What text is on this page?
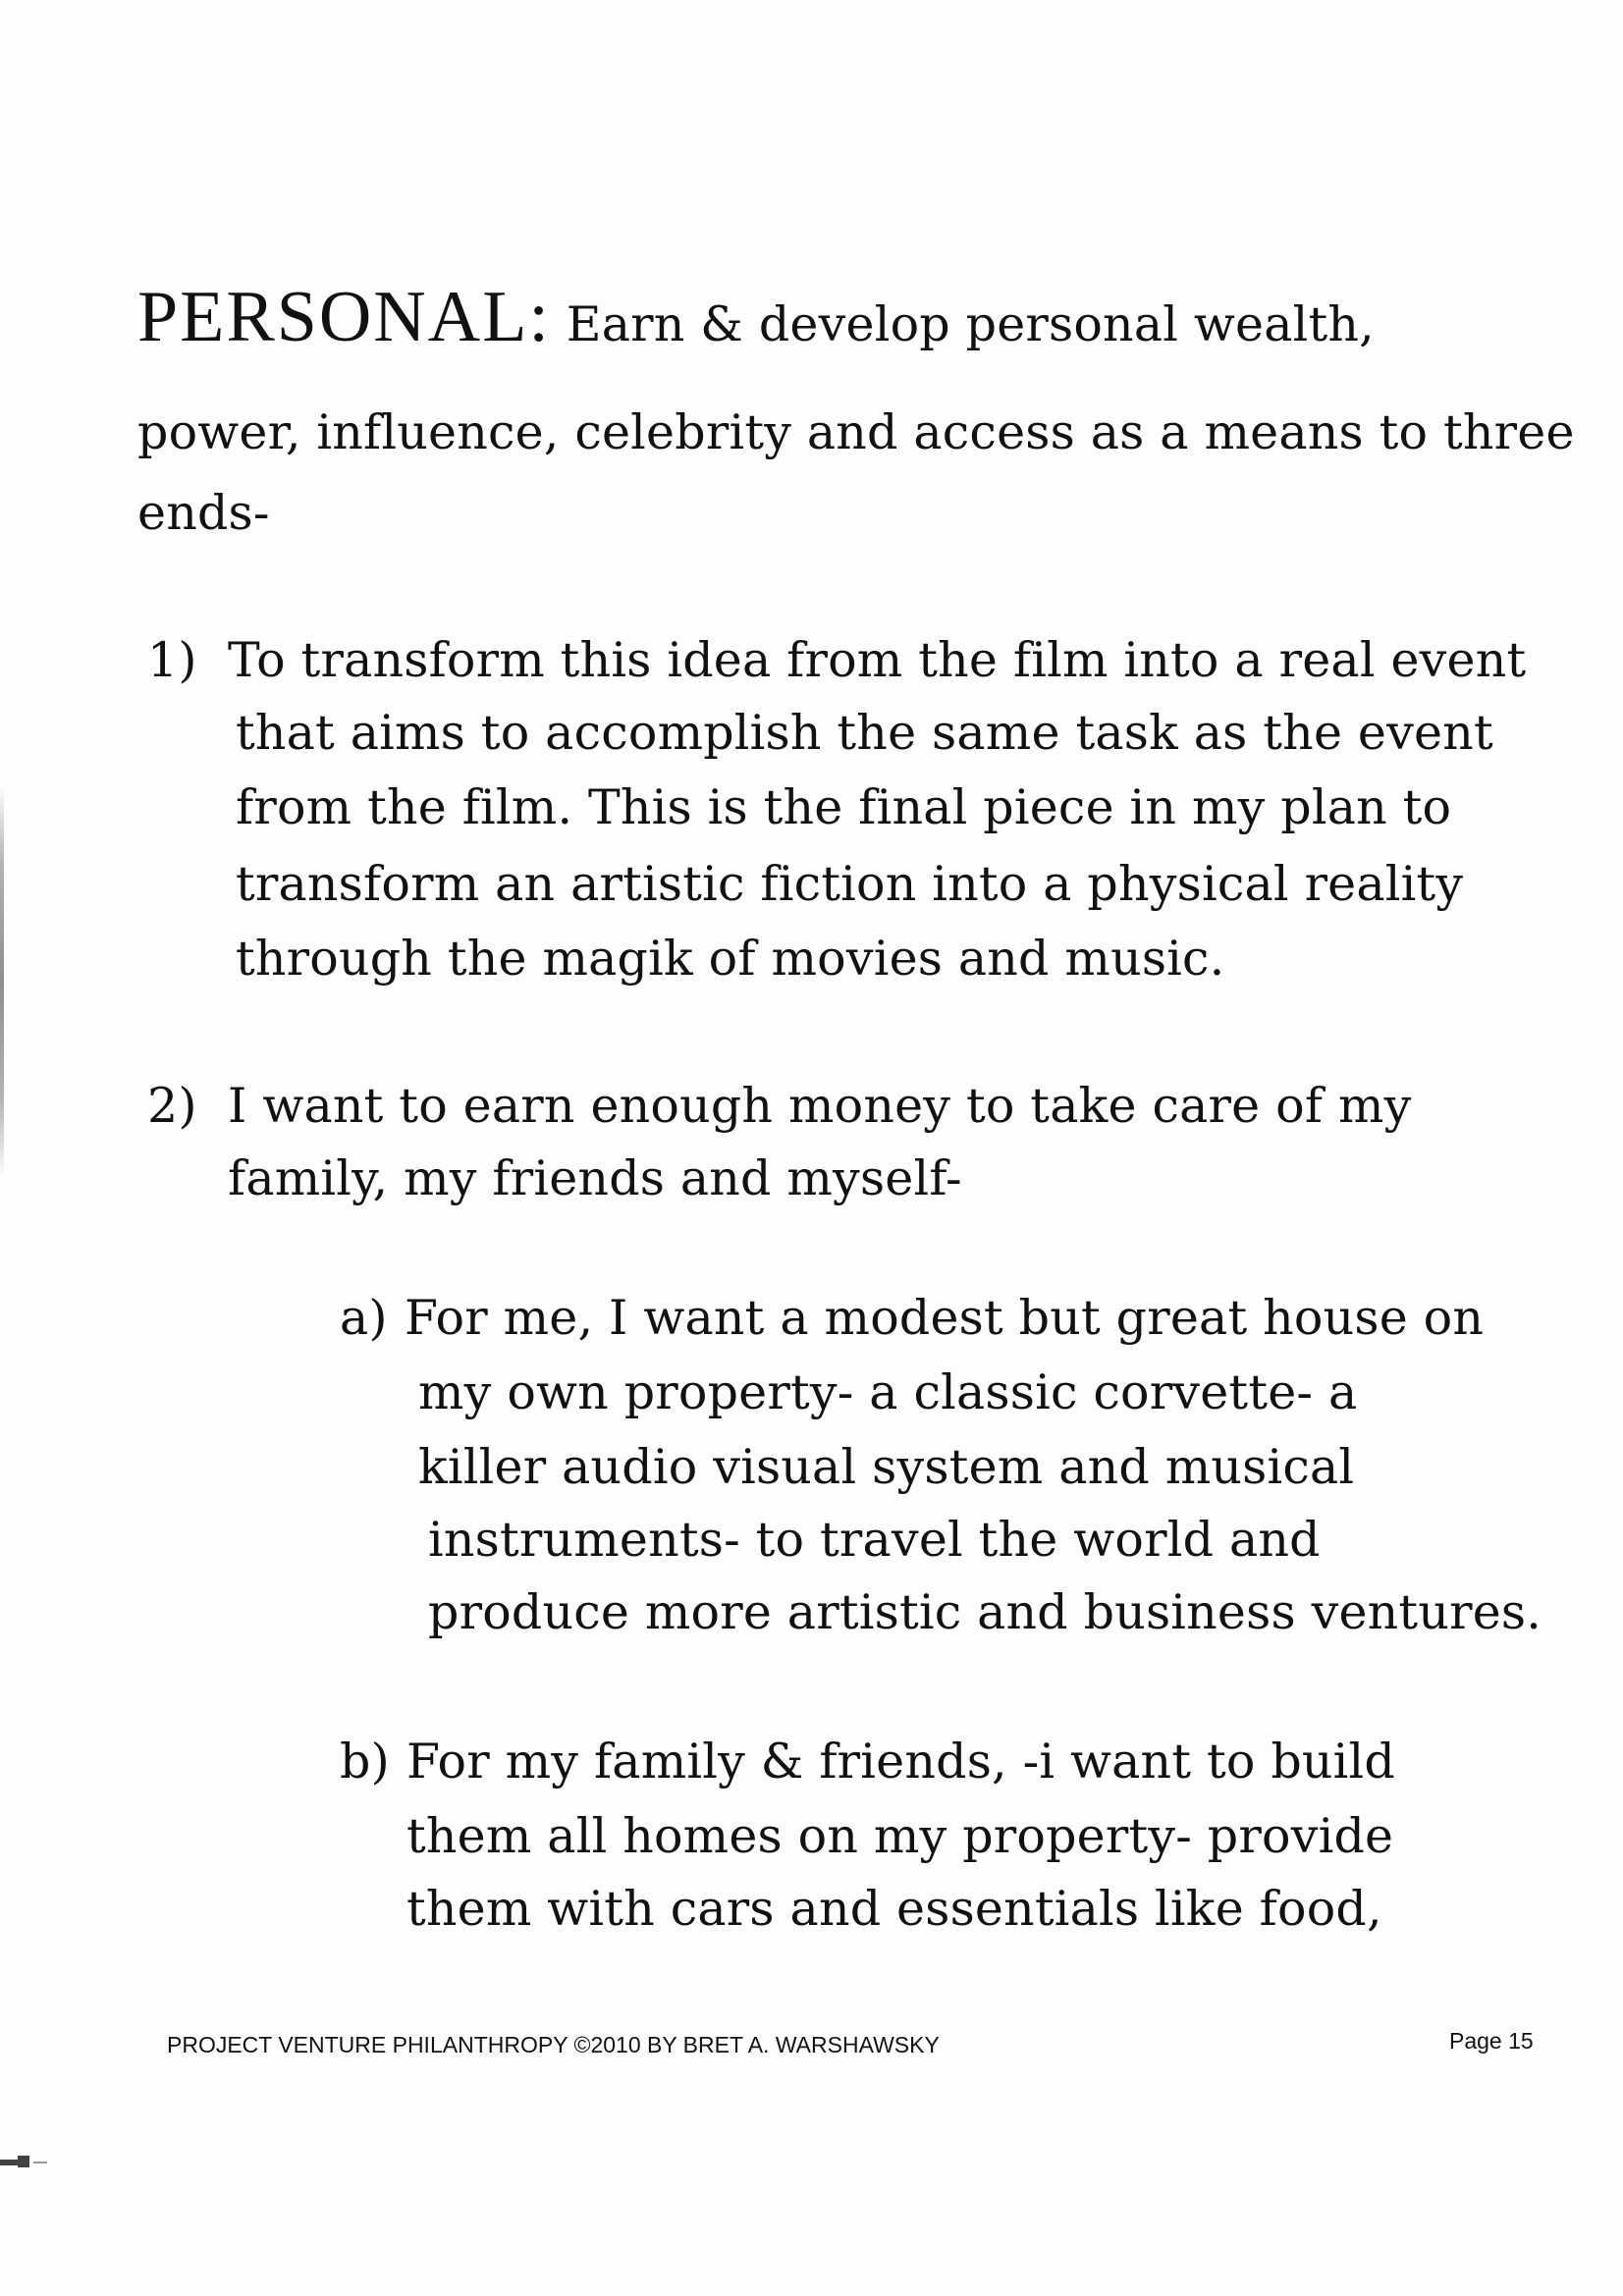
PERSONAL: Earn & develop personal wealth,
power, influence, celebrity and access as a means to three
ends-
1) To transform this idea from the film into a real event
that aims to accomplish the same task as the event
from the film. This is the final piece in my plan to
transform an artistic fiction into a physical reality
through the magik of movies and music.
2) I want to earn enough money to take care of my
family, my friends and myself-
a) For me, I want a modest but great house on
my own property- a classic corvette- a
killer audio visual system and musical
instruments- to travel the world and
produce more artistic and business ventures.
b) For my family & friends, -i want to build
them all homes on my property- provide
them with cars and essentials like food,
PROJECT VENTURE PHILANTHROPY ©2010 BY BRET A. WARSHAWSKY	Page 15
